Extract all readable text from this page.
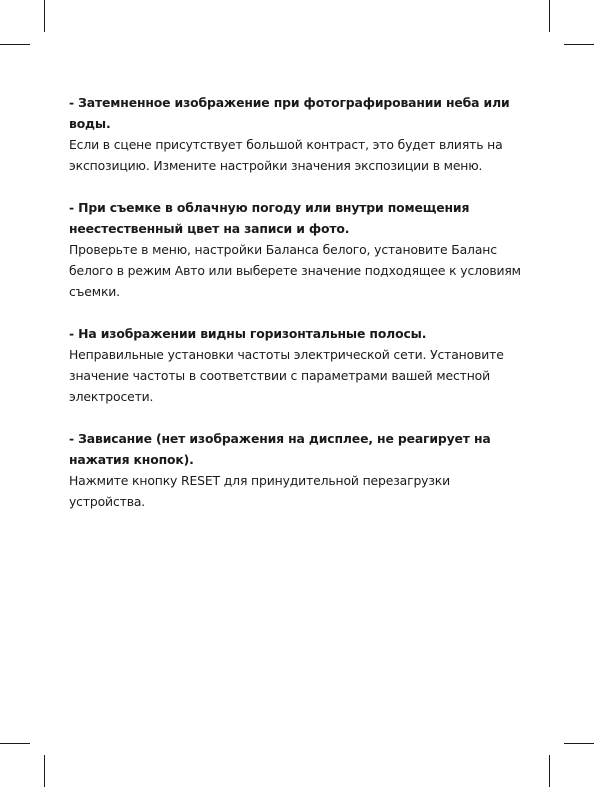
- Затемненное изображение при фотографировании неба или воды.
Если в сцене присутствует большой контраст, это будет влиять на экспозицию. Измените настройки значения экспозиции в меню.
- При съемке в облачную погоду или внутри помещения неестественный цвет на записи и фото.
Проверьте в меню, настройки Баланса белого, установите Баланс белого в режим Авто или выберете значение подходящее к условиям съемки.
- На изображении видны горизонтальные полосы.
Неправильные установки частоты электрической сети. Установите значение частоты в соответствии с параметрами вашей местной электросети.
- Зависание (нет изображения на дисплее, не реагирует на нажатия кнопок).
Нажмите кнопку RESET для принудительной перезагрузки устройства.
